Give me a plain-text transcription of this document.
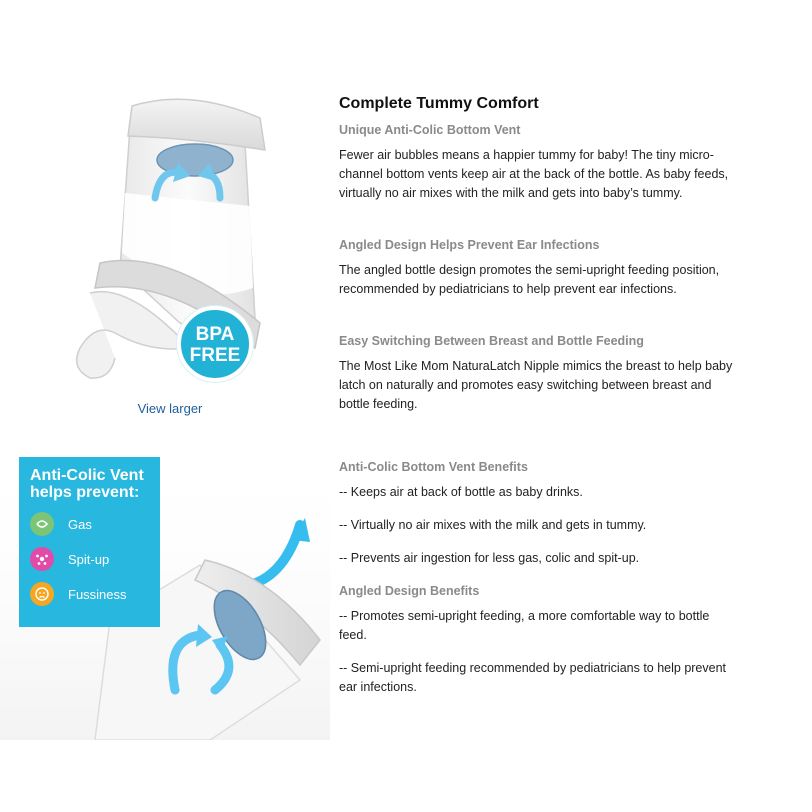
BPA
FREE
View larger
Complete Tummy Comfort
Unique Anti-Colic Bottom Vent
Fewer air bubbles means a happier tummy for baby! The tiny micro-channel bottom vents keep air at the back of the bottle. As baby feeds, virtually no air mixes with the milk and gets into baby’s tummy.
Angled Design Helps Prevent Ear Infections
The angled bottle design promotes the semi-upright feeding position, recommended by pediatricians to help prevent ear infections.
Easy Switching Between Breast and Bottle Feeding
The Most Like Mom NaturaLatch Nipple mimics the breast to help baby latch on naturally and promotes easy switching between breast and bottle feeding.
Anti-Colic Bottom Vent Benefits
-- Keeps air at back of bottle as baby drinks.
-- Virtually no air mixes with the milk and gets in tummy.
-- Prevents air ingestion for less gas, colic and spit-up.
Angled Design Benefits
-- Promotes semi-upright feeding, a more comfortable way to bottle feed.
-- Semi-upright feeding recommended by pediatricians to help prevent ear infections.
Anti-Colic Vent helps prevent:
Gas
Spit-up
Fussiness
